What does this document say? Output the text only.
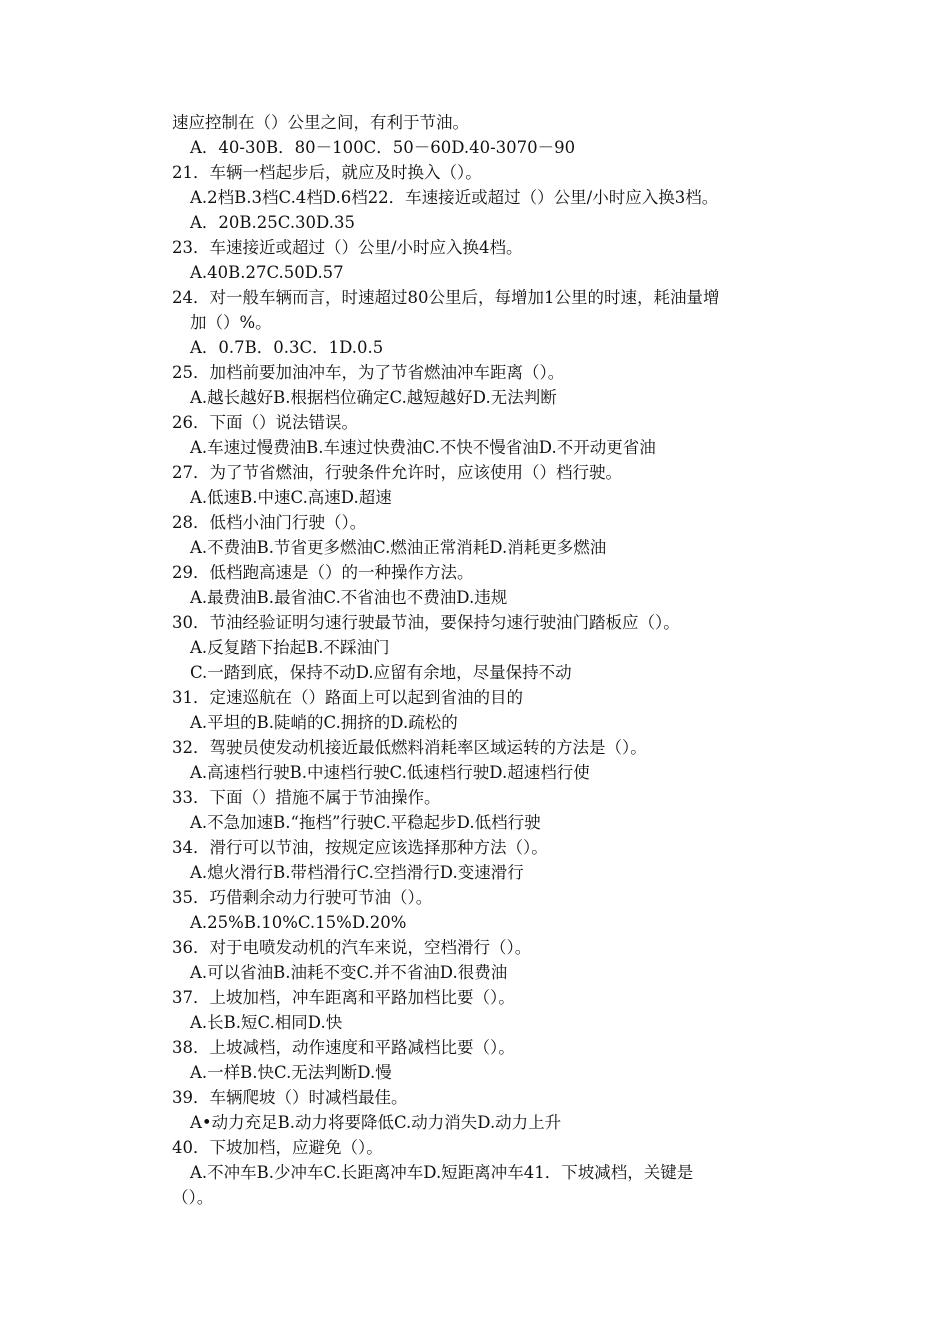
速应控制在（）公里之间，有利于节油。
A．40-30B．80－100C．50－60D.40-3070－90
21．车辆一档起步后，就应及时换入（）。
A.2档B.3档C.4档D.6档22．车速接近或超过（）公里/小时应入换3档。
A．20B.25C.30D.35
23．车速接近或超过（）公里/小时应入换4档。
A.40B.27C.50D.57
24．对一般车辆而言，时速超过80公里后，每增加1公里的时速，耗油量增
加（）%。
A．0.7B．0.3C．1D.0.5
25．加档前要加油冲车，为了节省燃油冲车距离（）。
A.越长越好B.根据档位确定C.越短越好D.无法判断
26．下面（）说法错误。
A.车速过慢费油B.车速过快费油C.不快不慢省油D.不开动更省油
27．为了节省燃油，行驶条件允许时，应该使用（）档行驶。
A.低速B.中速C.高速D.超速
28．低档小油门行驶（）。
A.不费油B.节省更多燃油C.燃油正常消耗D.消耗更多燃油
29．低档跑高速是（）的一种操作方法。
A.最费油B.最省油C.不省油也不费油D.违规
30．节油经验证明匀速行驶最节油，要保持匀速行驶油门踏板应（）。
A.反复踏下抬起B.不踩油门
C.一踏到底，保持不动D.应留有余地，尽量保持不动
31．定速巡航在（）路面上可以起到省油的目的
A.平坦的B.陡峭的C.拥挤的D.疏松的
32．驾驶员使发动机接近最低燃料消耗率区域运转的方法是（）。
A.高速档行驶B.中速档行驶C.低速档行驶D.超速档行使
33．下面（）措施不属于节油操作。
A.不急加速B.“拖档”行驶C.平稳起步D.低档行驶
34．滑行可以节油，按规定应该选择那种方法（）。
A.熄火滑行B.带档滑行C.空挡滑行D.变速滑行
35．巧借剩余动力行驶可节油（）。
A.25%B.10%C.15%D.20%
36．对于电喷发动机的汽车来说，空档滑行（）。
A.可以省油B.油耗不变C.并不省油D.很费油
37．上坡加档，冲车距离和平路加档比要（）。
A.长B.短C.相同D.快
38．上坡减档，动作速度和平路减档比要（）。
A.一样B.快C.无法判断D.慢
39．车辆爬坡（）时减档最佳。
A•动力充足B.动力将要降低C.动力消失D.动力上升
40．下坡加档，应避免（）。
A.不冲车B.少冲车C.长距离冲车D.短距离冲车41．下坡减档，关键是
（）。
